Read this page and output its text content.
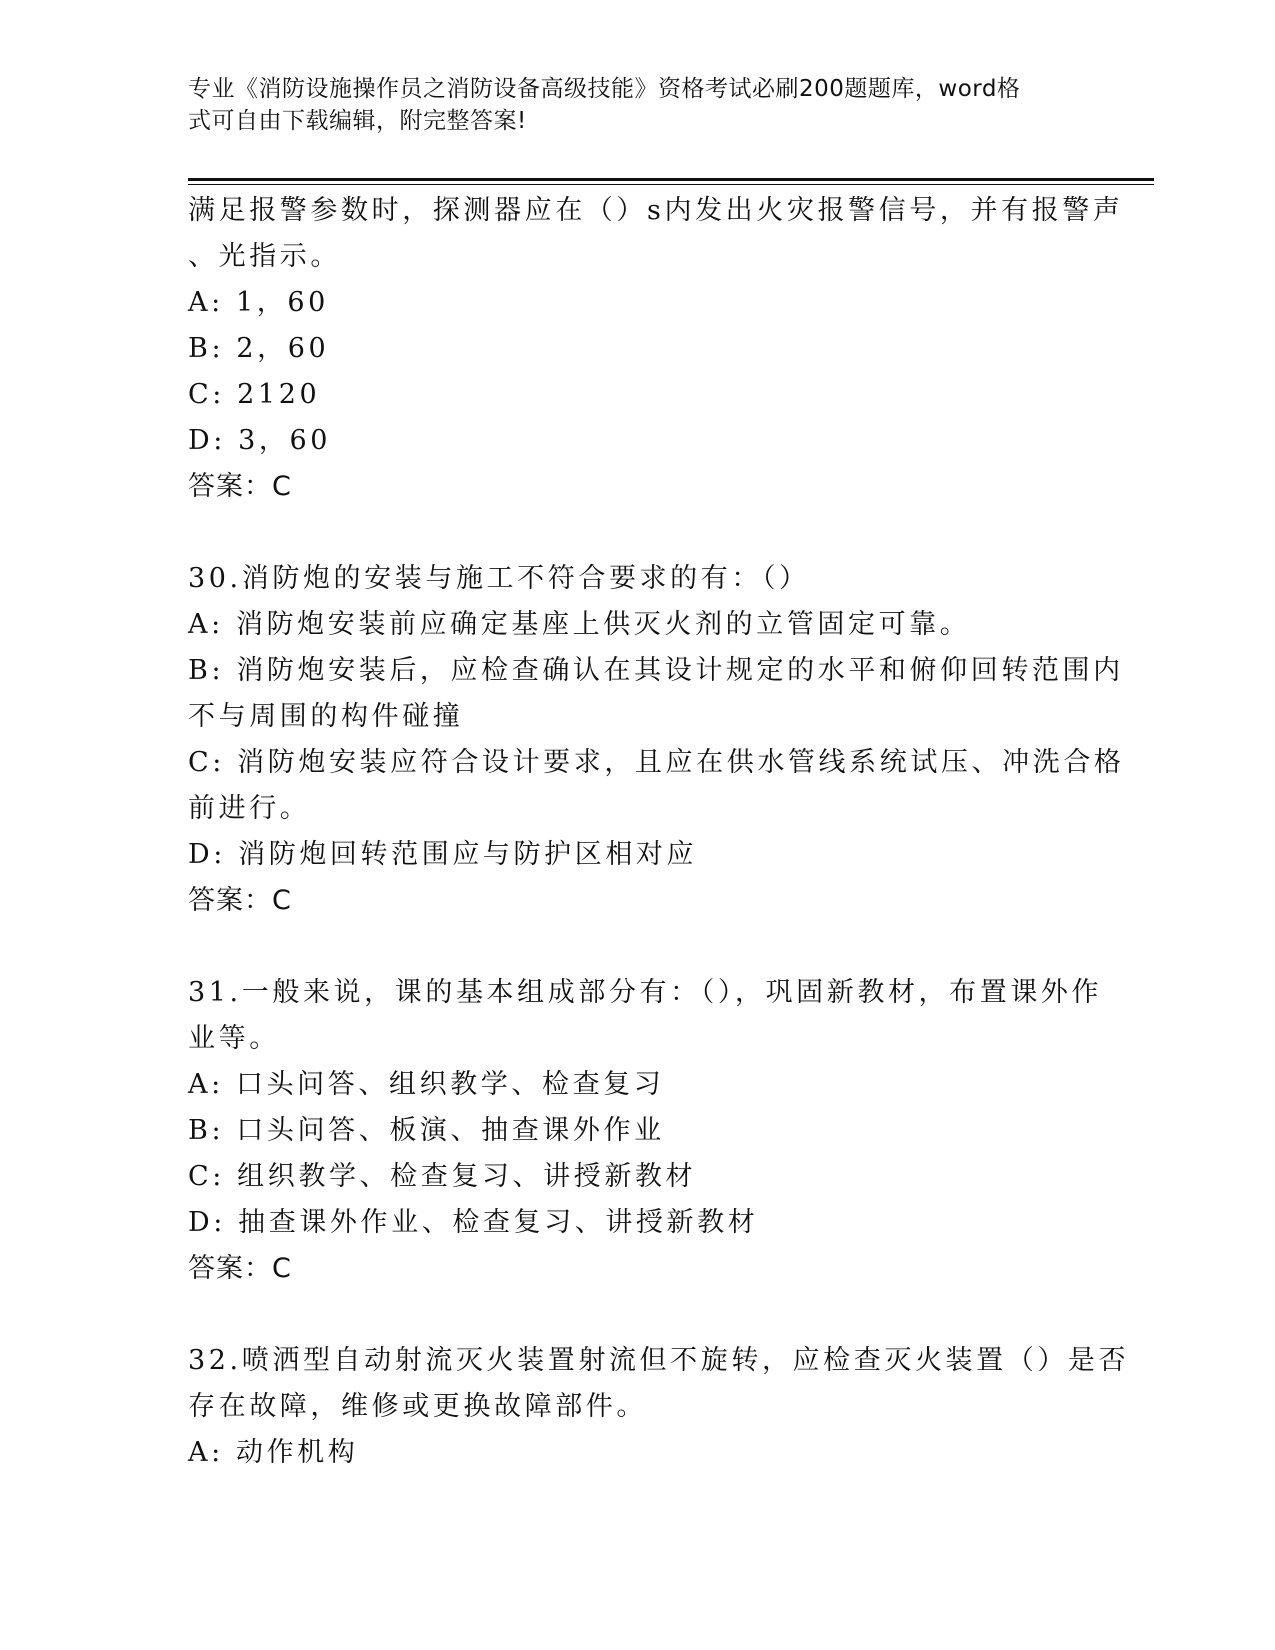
专业《消防设施操作员之消防设备高级技能》资格考试必刷200题题库，word格
式可自由下载编辑，附完整答案!
满足报警参数时，探测器应在（）s内发出火灾报警信号，并有报警声
、光指示。
A: 1，60
B: 2，60
C: 2120
D: 3，60
答案：C
30.消防炮的安装与施工不符合要求的有：（）
A: 消防炮安装前应确定基座上供灭火剂的立管固定可靠。
B: 消防炮安装后，应检查确认在其设计规定的水平和俯仰回转范围内
不与周围的构件碰撞
C: 消防炮安装应符合设计要求，且应在供水管线系统试压、冲洗合格
前进行。
D: 消防炮回转范围应与防护区相对应
答案：C
31.一般来说，课的基本组成部分有：（），巩固新教材，布置课外作
业等。
A: 口头问答、组织教学、检查复习
B: 口头问答、板演、抽查课外作业
C: 组织教学、检查复习、讲授新教材
D: 抽查课外作业、检查复习、讲授新教材
答案：C
32.喷洒型自动射流灭火装置射流但不旋转，应检查灭火装置（）是否
存在故障，维修或更换故障部件。
A: 动作机构
